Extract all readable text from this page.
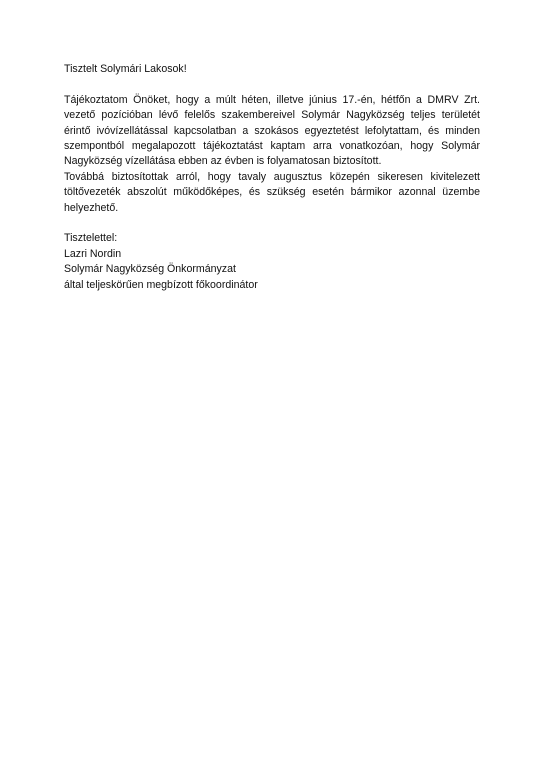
Tisztelt Solymári Lakosok!

Tájékoztatom Önöket, hogy a múlt héten, illetve június 17.-én, hétfőn a DMRV Zrt. vezető pozícióban lévő felelős szakembereivel Solymár Nagyközség teljes területét érintő ivóvízellátással kapcsolatban a szokásos egyeztetést lefolytattam, és minden szempontból megalapozott tájékoztatást kaptam arra vonatkozóan, hogy Solymár Nagyközség vízellátása ebben az évben is folyamatosan biztosított.

Továbbá biztosítottak arról, hogy tavaly augusztus közepén sikeresen kivitelezett töltővezeték abszolút működőképes, és szükség esetén bármikor azonnal üzembe helyezhető.

Tisztelettel:
Lazri Nordin
Solymár Nagyközség Önkormányzat
által teljeskörűen megbízott főkoordinátor
